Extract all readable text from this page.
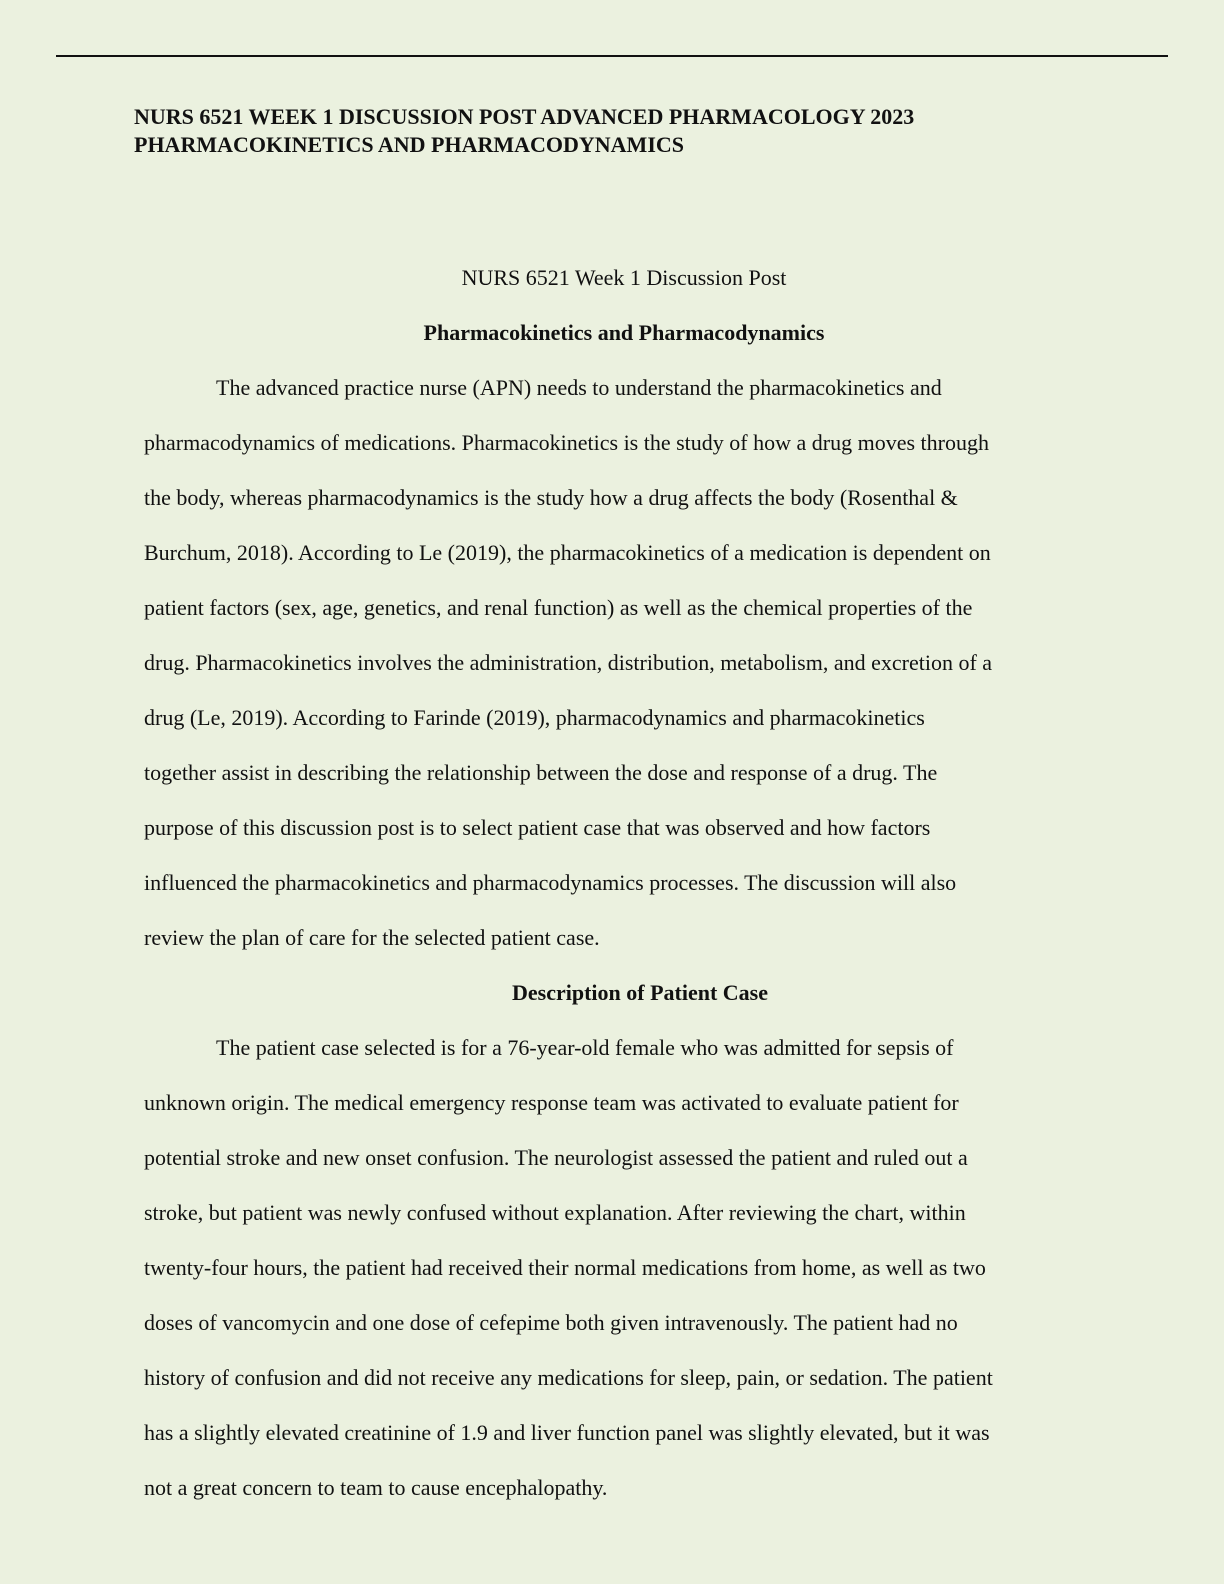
NURS 6521 WEEK 1 DISCUSSION POST ADVANCED PHARMACOLOGY 2023
PHARMACOKINETICS AND PHARMACODYNAMICS
NURS 6521 Week 1 Discussion Post
Pharmacokinetics and Pharmacodynamics
The advanced practice nurse (APN) needs to understand the pharmacokinetics and
pharmacodynamics of medications. Pharmacokinetics is the study of how a drug moves through
the body, whereas pharmacodynamics is the study how a drug affects the body (Rosenthal &
Burchum, 2018). According to Le (2019), the pharmacokinetics of a medication is dependent on
patient factors (sex, age, genetics, and renal function) as well as the chemical properties of the
drug. Pharmacokinetics involves the administration, distribution, metabolism, and excretion of a
drug (Le, 2019). According to Farinde (2019), pharmacodynamics and pharmacokinetics
together assist in describing the relationship between the dose and response of a drug. The
purpose of this discussion post is to select patient case that was observed and how factors
influenced the pharmacokinetics and pharmacodynamics processes. The discussion will also
review the plan of care for the selected patient case.
Description of Patient Case
The patient case selected is for a 76-year-old female who was admitted for sepsis of
unknown origin. The medical emergency response team was activated to evaluate patient for
potential stroke and new onset confusion. The neurologist assessed the patient and ruled out a
stroke, but patient was newly confused without explanation. After reviewing the chart, within
twenty-four hours, the patient had received their normal medications from home, as well as two
doses of vancomycin and one dose of cefepime both given intravenously. The patient had no
history of confusion and did not receive any medications for sleep, pain, or sedation. The patient
has a slightly elevated creatinine of 1.9 and liver function panel was slightly elevated, but it was
not a great concern to team to cause encephalopathy.
